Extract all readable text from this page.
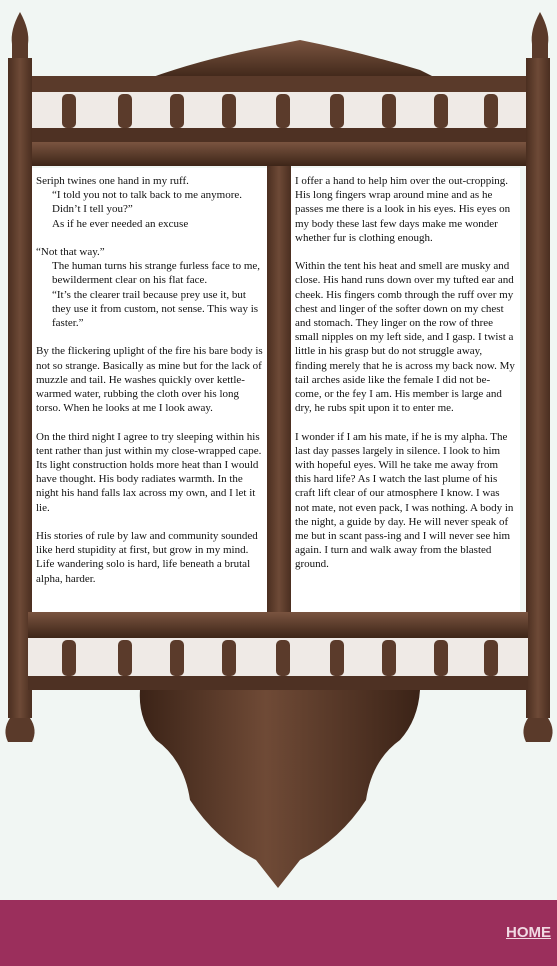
Seriph twines one hand in my ruff.
“I told you not to talk back to me anymore. Didn’t I tell you?”
As if he ever needed an excuse

“Not that way.”
The human turns his strange furless face to me, bewilderment clear on his flat face.
“It’s the clearer trail because prey use it, but they use it from custom, not sense. This way is faster.”

By the flickering uplight of the fire his bare body is not so strange. Basically as mine but for the lack of muzzle and tail. He washes quickly over kettle-warmed water, rubbing the cloth over his long torso. When he looks at me I look away.

On the third night I agree to try sleeping within his tent rather than just within my close-wrapped cape. Its light construction holds more heat than I would have thought. His body radiates warmth. In the night his hand falls lax across my own, and I let it lie.

His stories of rule by law and community sounded like herd stupidity at first, but grow in my mind. Life wandering solo is hard, life beneath a brutal alpha, harder.
I offer a hand to help him over the out-cropping. His long fingers wrap around mine and as he passes me there is a look in his eyes. His eyes on my body these last few days make me wonder whether fur is clothing enough.

Within the tent his heat and smell are musky and close. His hand runs down over my tufted ear and cheek. His fingers comb through the ruff over my chest and linger of the softer down on my chest and stomach. They linger on the row of three small nipples on my left side, and I gasp. I twist a little in his grasp but do not struggle away, finding merely that he is across my back now. My tail arches aside like the female I did not be-come, or the fey I am. His member is large and dry, he rubs spit upon it to enter me.

I wonder if I am his mate, if he is my alpha. The last day passes largely in silence. I look to him with hopeful eyes. Will he take me away from this hard life? As I watch the last plume of his craft lift clear of our atmosphere I know. I was not mate, not even pack, I was nothing. A body in the night, a guide by day. He will never speak of me but in scant pass-ing and I will never see him again. I turn and walk away from the blasted ground.
HOME
